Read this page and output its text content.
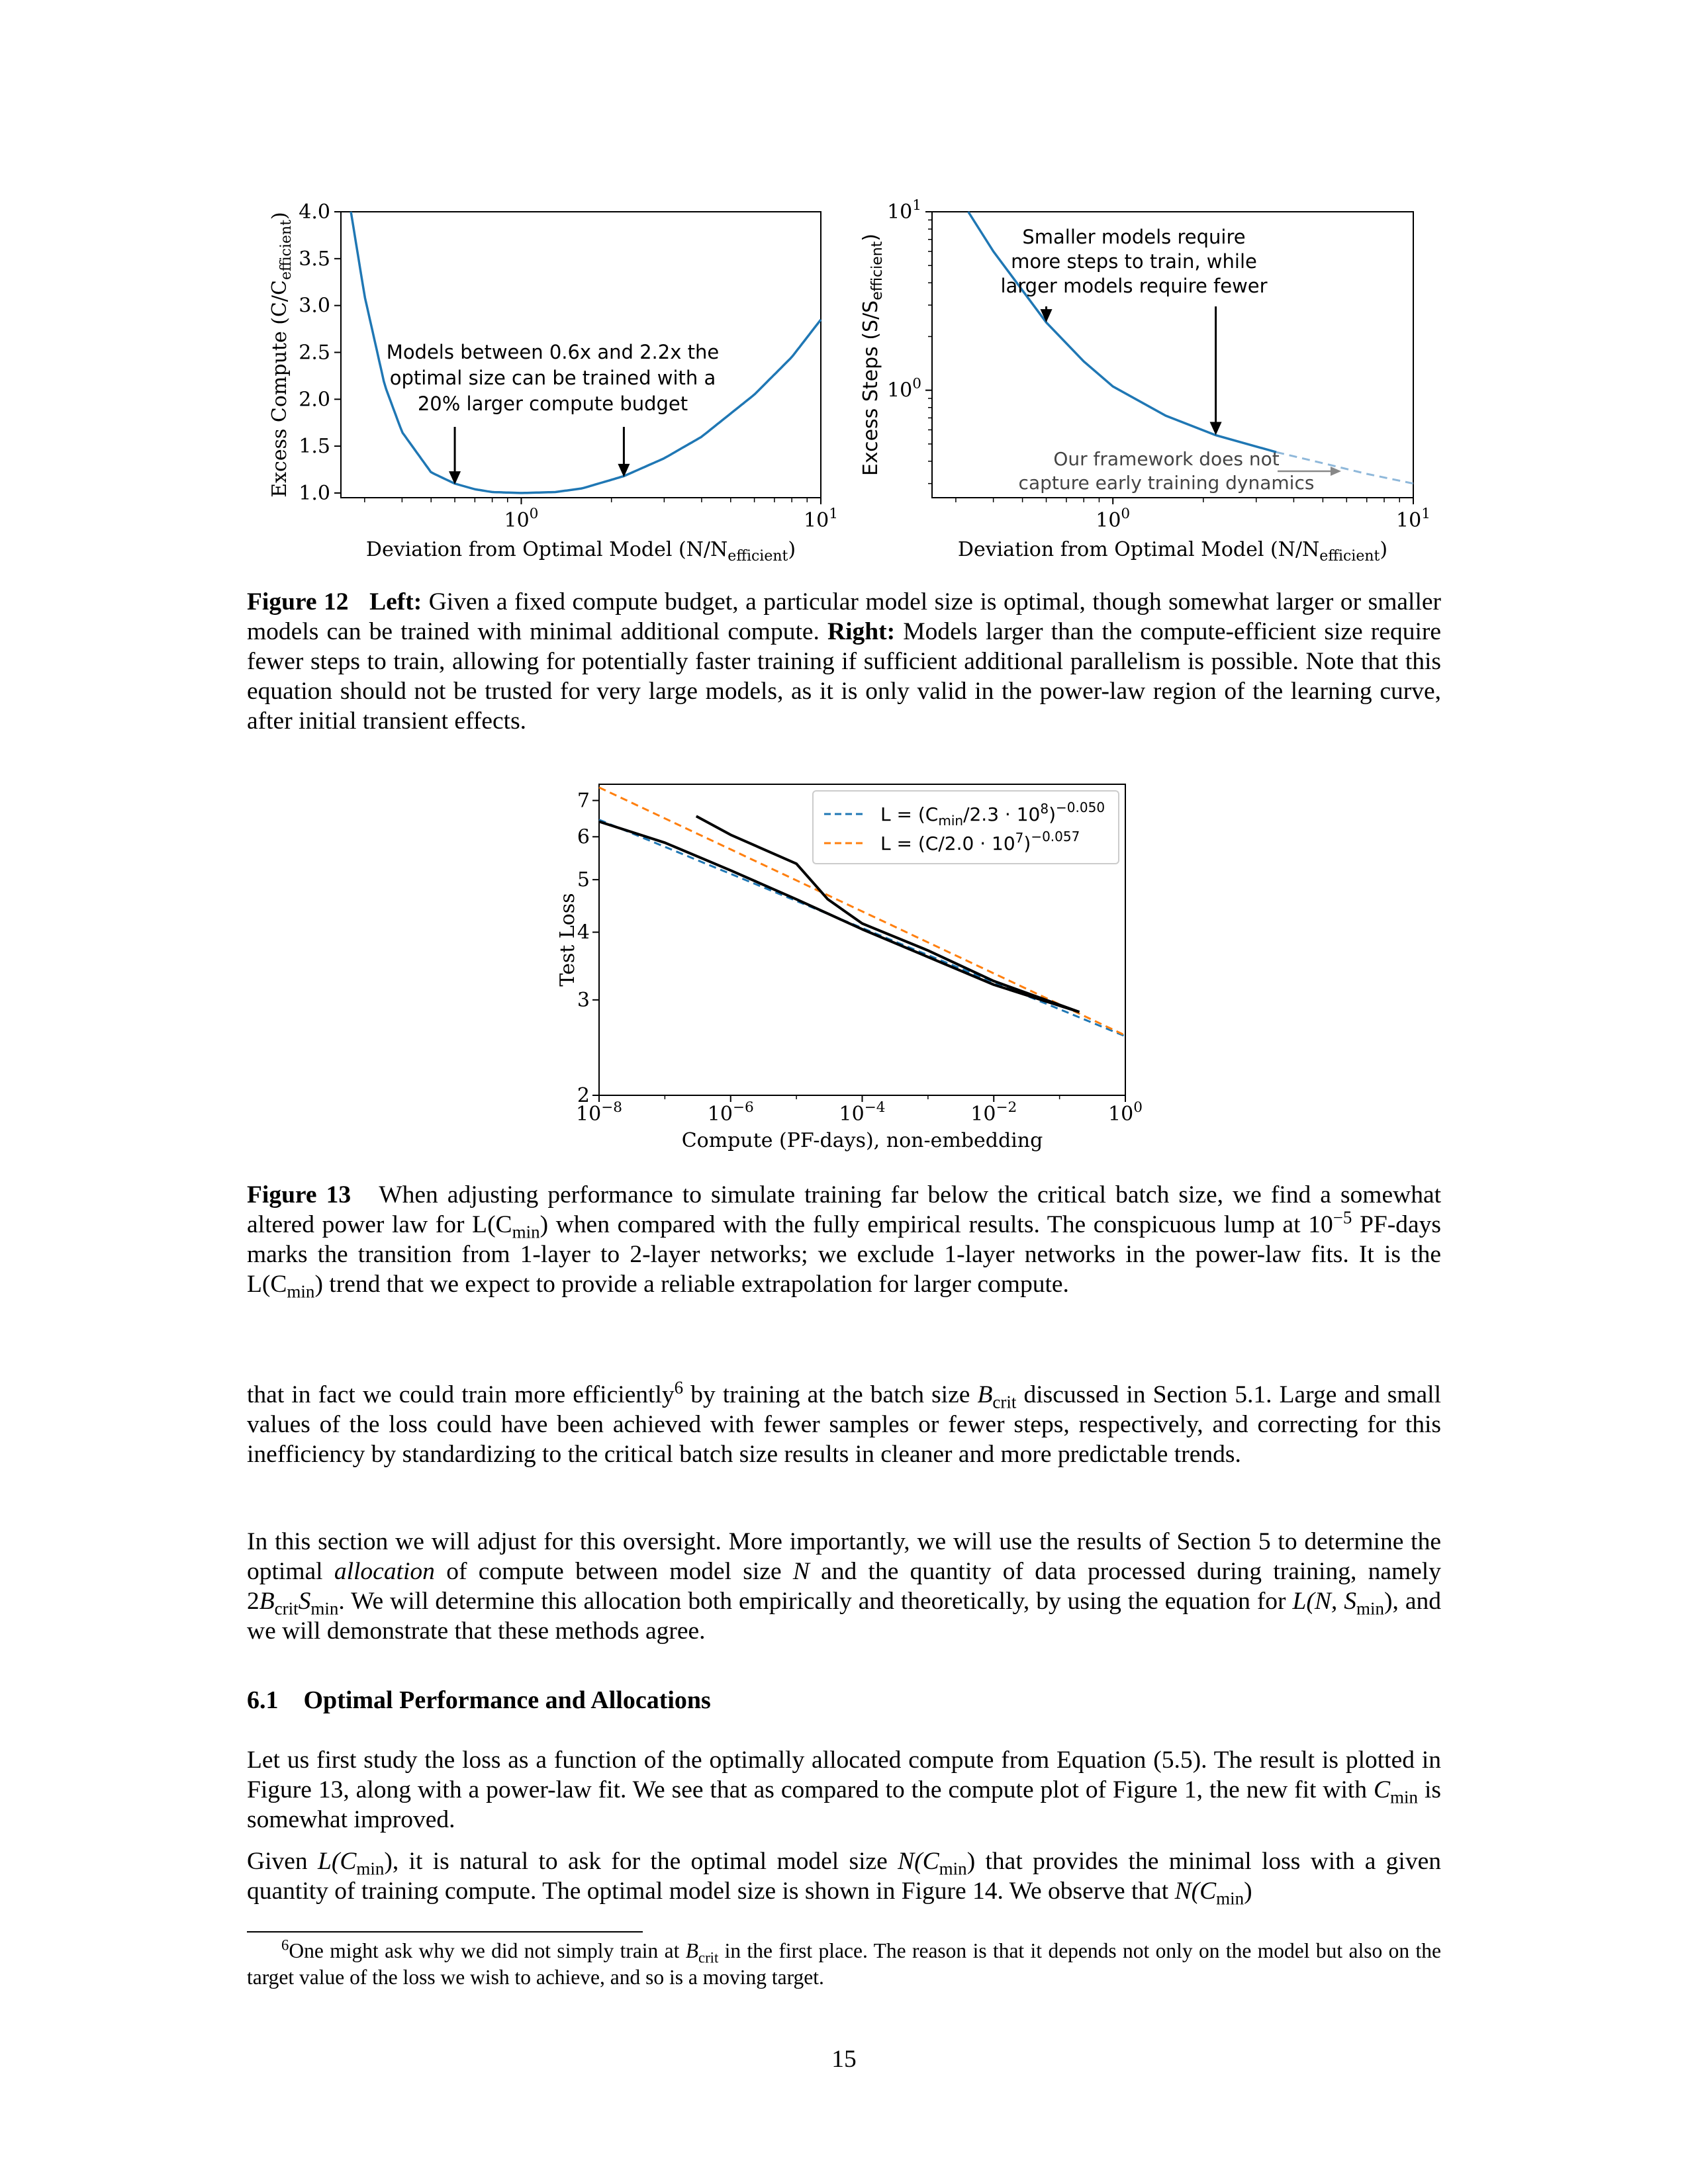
1.0
1.5
2.0
2.5
3.0
3.5
4.0
$10^0$	$10^1$
Models between 0.6x and 2.2x the
optimal size can be trained with a
20% larger compute budget
Excess Compute $(C/C_{efficient})$
Deviation from Optimal Model $(N/N_{efficient})$
$10^1$
$10^0$
$10^0$	$10^1$
Smaller models require
more steps to train, while
larger models require fewer
Our framework does not
capture early training dynamics
Excess Steps $(S/S_{efficient})$
Deviation from Optimal Model $(N/N_{efficient})$

Figure 12 Left: Given a fixed compute budget, a particular model size is optimal, though somewhat larger or smaller models can be trained with minimal additional compute. Right: Models larger than the compute-efficient size require fewer steps to train, allowing for potentially faster training if sufficient additional parallelism is possible. Note that this equation should not be trusted for very large models, as it is only valid in the power-law region of the learning curve, after initial transient effects.

2
3
4
5
6
7
$10^{-8}$	$10^{-6}$	$10^{-4}$	$10^{-2}$	$10^0$
$L = (C_{min}/2.3 \cdot 10^8)^{-0.050}$
$L = (C/2.0 \cdot 10^7)^{-0.057}$
Compute (PF-days), non-embedding
Test Loss

Figure 13 When adjusting performance to simulate training far below the critical batch size, we find a somewhat altered power law for $L(C_{min})$ when compared with the fully empirical results. The conspicuous lump at $10^{-5}$ PF-days marks the transition from 1-layer to 2-layer networks; we exclude 1-layer networks in the power-law fits. It is the $L(C_{min})$ trend that we expect to provide a reliable extrapolation for larger compute.

that in fact we could train more efficiently$^6$ by training at the batch size $B_{crit}$ discussed in Section 5.1. Large and small values of the loss could have been achieved with fewer samples or fewer steps, respectively, and correcting for this inefficiency by standardizing to the critical batch size results in cleaner and more predictable trends.

In this section we will adjust for this oversight. More importantly, we will use the results of Section 5 to determine the optimal allocation of compute between model size N and the quantity of data processed during training, namely $2B_{crit}S_{min}$. We will determine this allocation both empirically and theoretically, by using the equation for L(N, $S_{min}$), and we will demonstrate that these methods agree.

6.1 Optimal Performance and Allocations

Let us first study the loss as a function of the optimally allocated compute from Equation (5.5). The result is plotted in Figure 13, along with a power-law fit. We see that as compared to the compute plot of Figure 1, the new fit with $C_{min}$ is somewhat improved.

Given $L(C_{min})$, it is natural to ask for the optimal model size $N(C_{min})$ that provides the minimal loss with a given quantity of training compute. The optimal model size is shown in Figure 14. We observe that $N(C_{min})$

$^6$One might ask why we did not simply train at $B_{crit}$ in the first place. The reason is that it depends not only on the model but also on the target value of the loss we wish to achieve, and so is a moving target.
15
